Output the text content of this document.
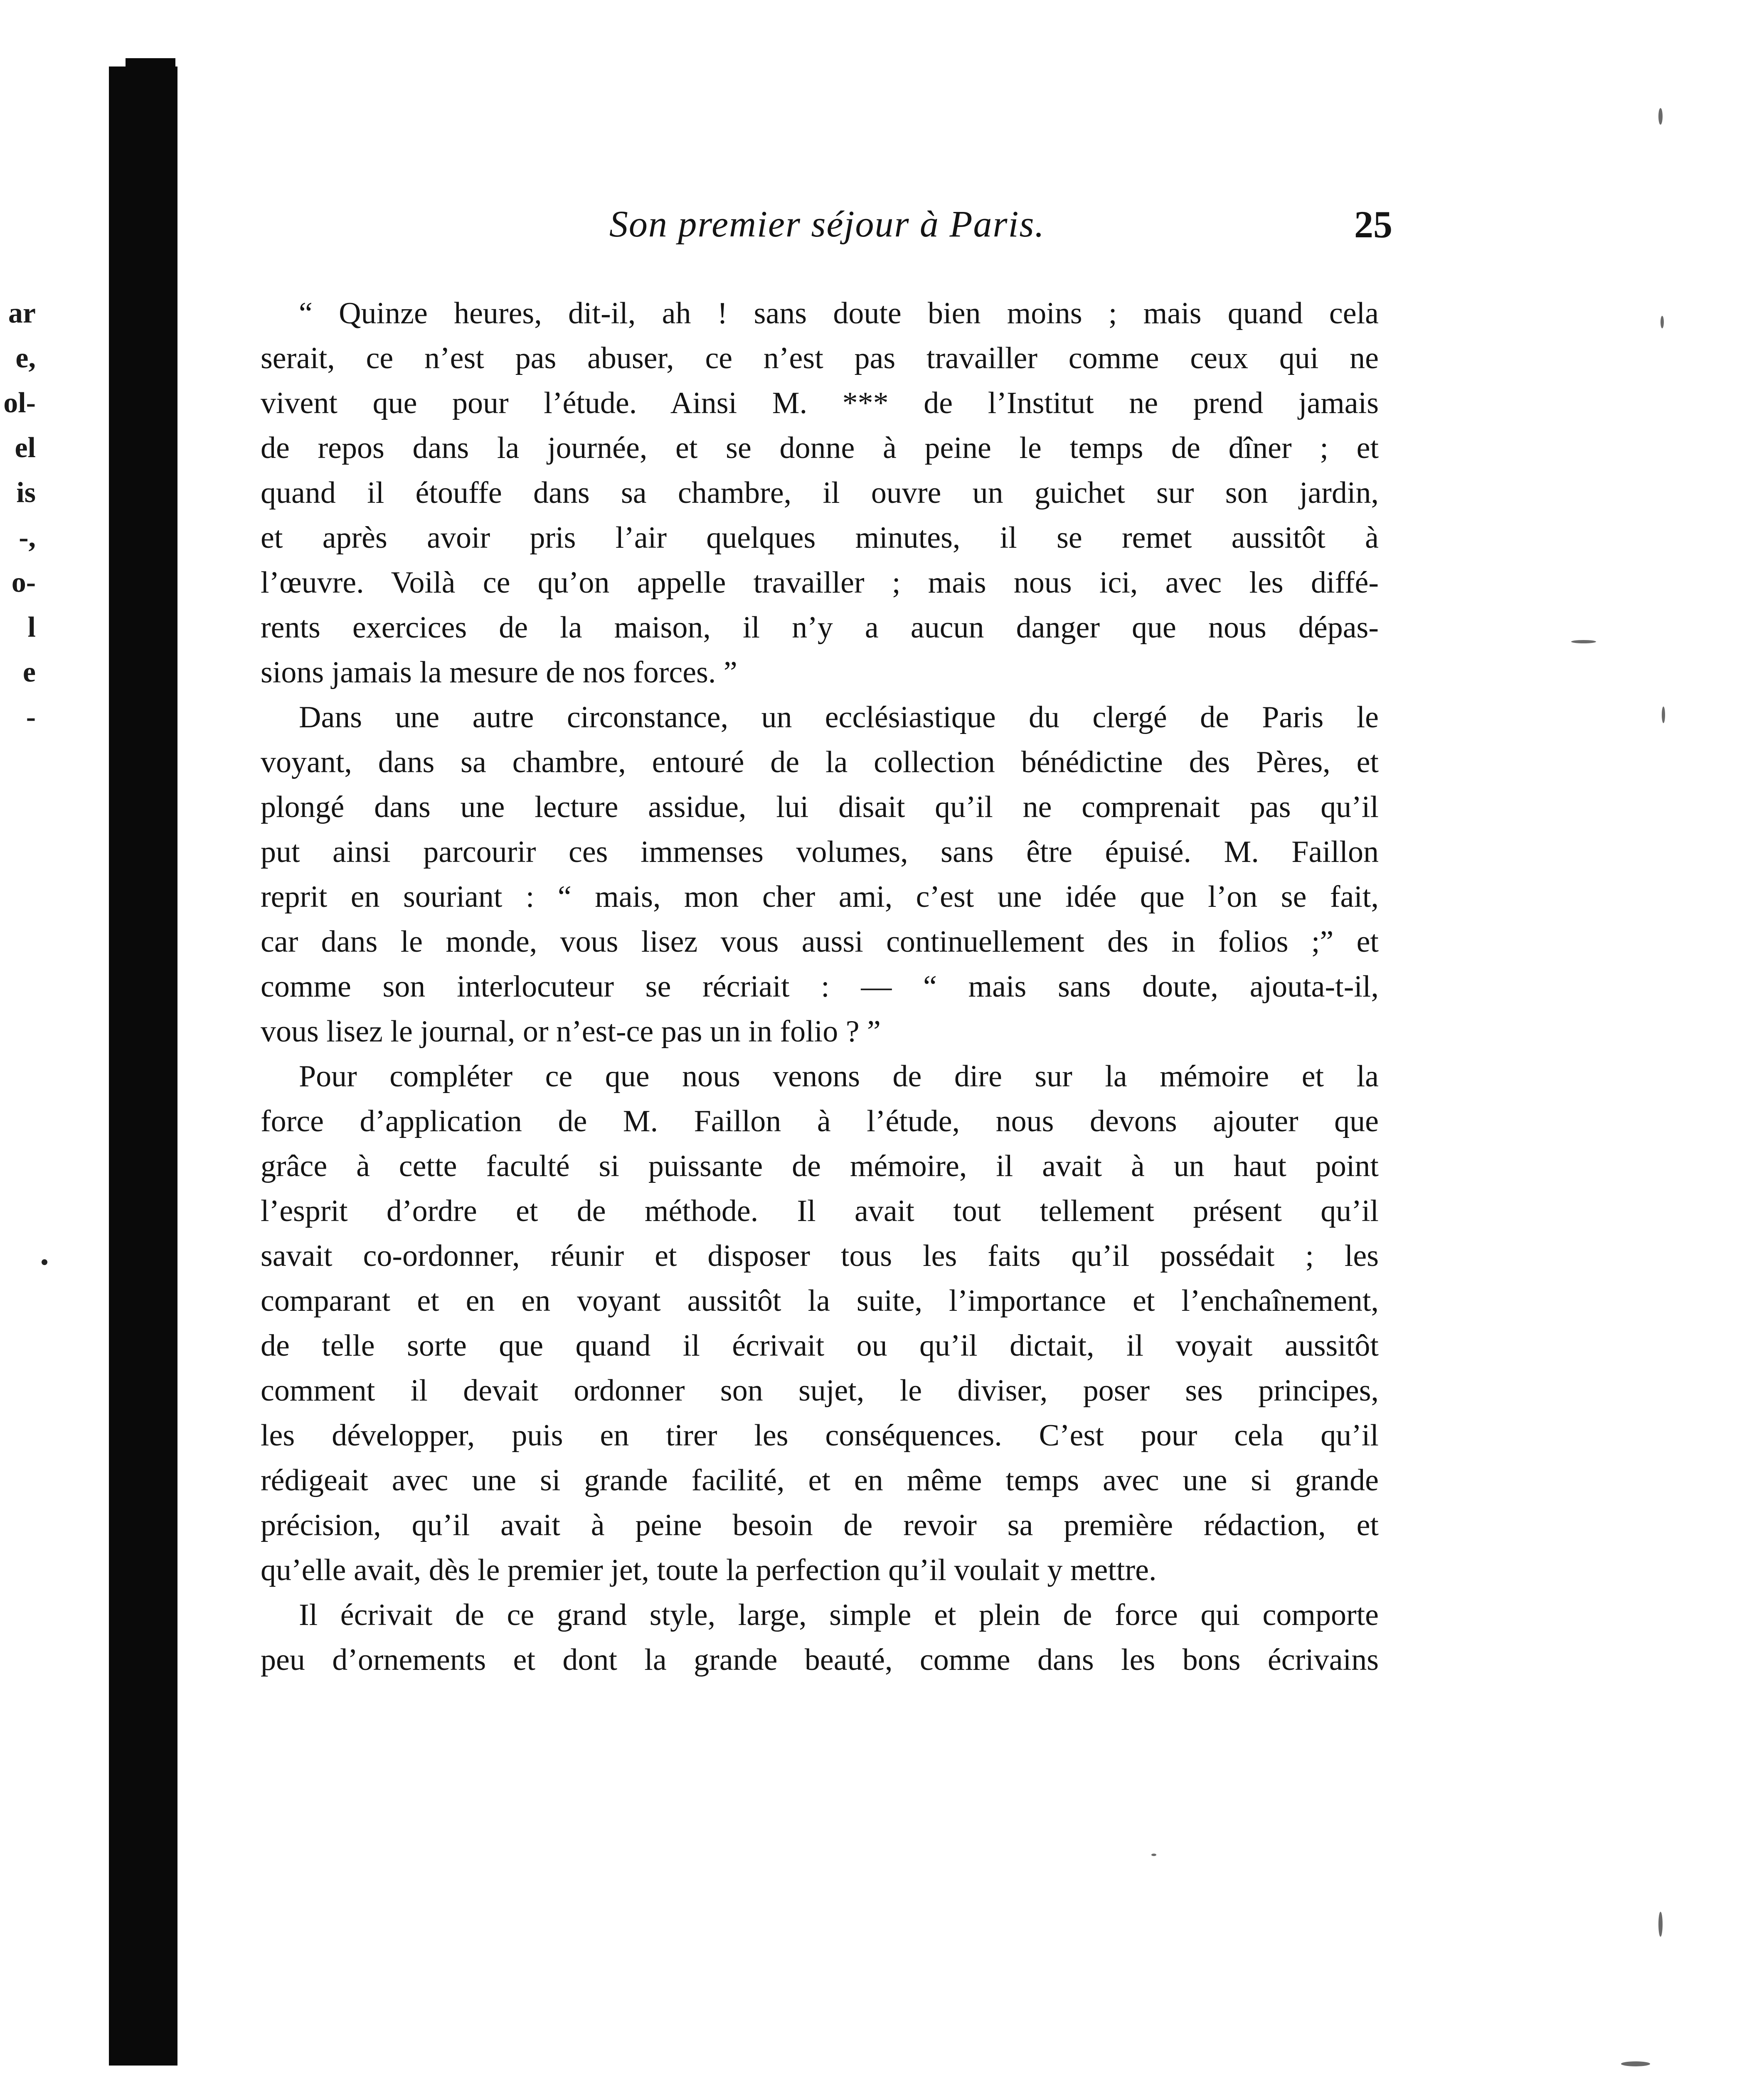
ar
e,
ol-
el
is
-,
o-
l
e
-
Son premier séjour à Paris.	25
“ Quinze heures, dit-il, ah ! sans doute bien moins ; mais quand cela
serait, ce n’est pas abuser, ce n’est pas travailler comme ceux qui ne
vivent que pour l’étude. Ainsi M. *** de l’Institut ne prend jamais
de repos dans la journée, et se donne à peine le temps de dîner ; et
quand il étouffe dans sa chambre, il ouvre un guichet sur son jardin,
et après avoir pris l’air quelques minutes, il se remet aussitôt à
l’œuvre. Voilà ce qu’on appelle travailler ; mais nous ici, avec les diffé-
rents exercices de la maison, il n’y a aucun danger que nous dépas-
sions jamais la mesure de nos forces. ”
Dans une autre circonstance, un ecclésiastique du clergé de Paris le
voyant, dans sa chambre, entouré de la collection bénédictine des Pères, et
plongé dans une lecture assidue, lui disait qu’il ne comprenait pas qu’il
put ainsi parcourir ces immenses volumes, sans être épuisé. M. Faillon
reprit en souriant : “ mais, mon cher ami, c’est une idée que l’on se fait,
car dans le monde, vous lisez vous aussi continuellement des in folios ;” et
comme son interlocuteur se récriait : — “ mais sans doute, ajouta-t-il,
vous lisez le journal, or n’est-ce pas un in folio ? ”
Pour compléter ce que nous venons de dire sur la mémoire et la
force d’application de M. Faillon à l’étude, nous devons ajouter que
grâce à cette faculté si puissante de mémoire, il avait à un haut point
l’esprit d’ordre et de méthode. Il avait tout tellement présent qu’il
savait co-ordonner, réunir et disposer tous les faits qu’il possédait ; les
comparant et en en voyant aussitôt la suite, l’importance et l’enchaînement,
de telle sorte que quand il écrivait ou qu’il dictait, il voyait aussitôt
comment il devait ordonner son sujet, le diviser, poser ses principes,
les développer, puis en tirer les conséquences. C’est pour cela qu’il
rédigeait avec une si grande facilité, et en même temps avec une si grande
précision, qu’il avait à peine besoin de revoir sa première rédaction, et
qu’elle avait, dès le premier jet, toute la perfection qu’il voulait y mettre.
Il écrivait de ce grand style, large, simple et plein de force qui comporte
peu d’ornements et dont la grande beauté, comme dans les bons écrivains
